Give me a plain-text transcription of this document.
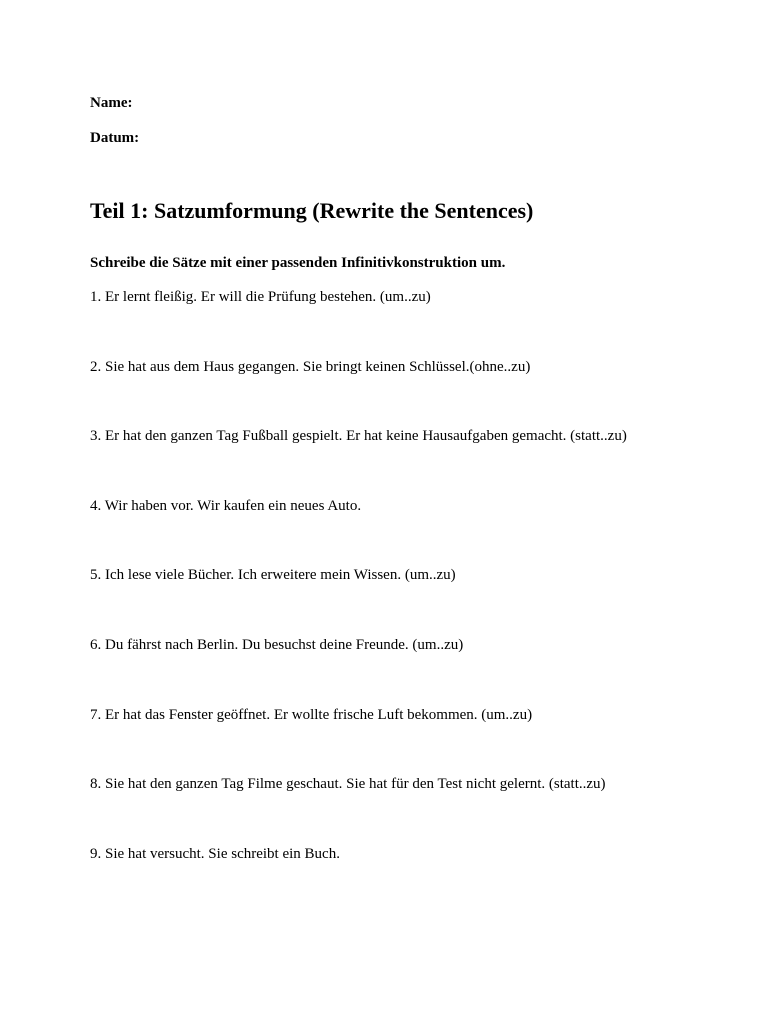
Name:
Datum:
Teil 1: Satzumformung (Rewrite the Sentences)
Schreibe die Sätze mit einer passenden Infinitivkonstruktion um.
1. Er lernt fleißig. Er will die Prüfung bestehen. (um..zu)
2. Sie hat aus dem Haus gegangen. Sie bringt keinen Schlüssel.(ohne..zu)
3. Er hat den ganzen Tag Fußball gespielt. Er hat keine Hausaufgaben gemacht. (statt..zu)
4. Wir haben vor. Wir kaufen ein neues Auto.
5. Ich lese viele Bücher. Ich erweitere mein Wissen. (um..zu)
6. Du fährst nach Berlin. Du besuchst deine Freunde. (um..zu)
7. Er hat das Fenster geöffnet. Er wollte frische Luft bekommen. (um..zu)
8. Sie hat den ganzen Tag Filme geschaut. Sie hat für den Test nicht gelernt. (statt..zu)
9. Sie hat versucht. Sie schreibt ein Buch.
